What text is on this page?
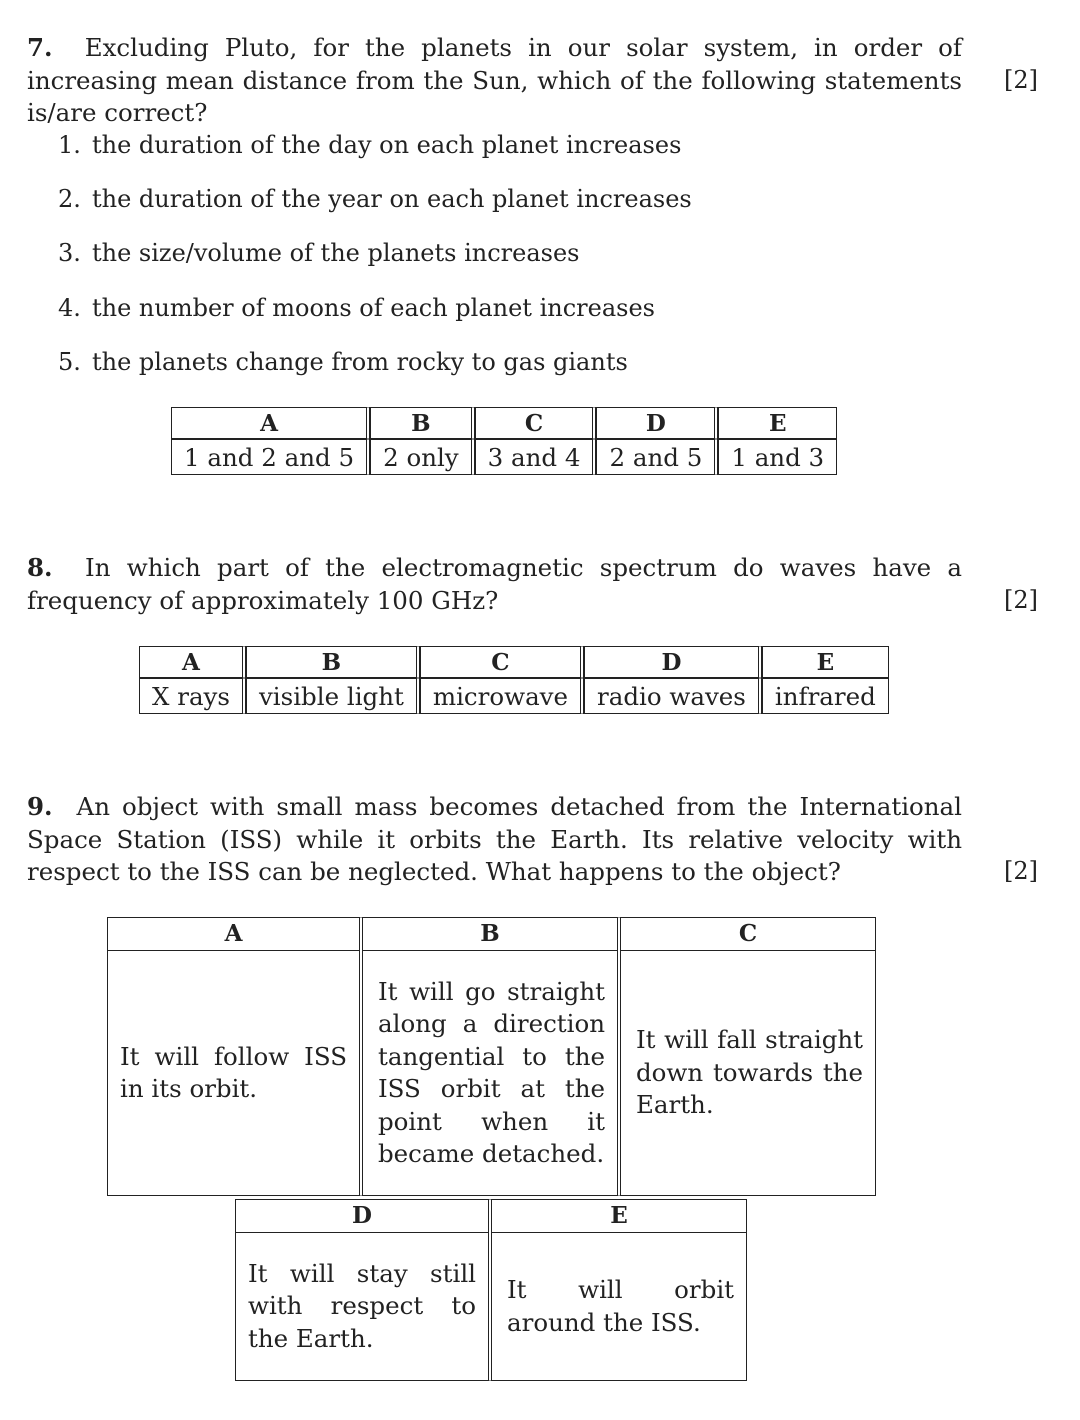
7. Excluding Pluto, for the planets in our solar system, in order of increasing mean distance from the Sun, which of the following statements is/are correct?
[2]
1. the duration of the day on each planet increases
2. the duration of the year on each planet increases
3. the size/volume of the planets increases
4. the number of moons of each planet increases
5. the planets change from rocky to gas giants
A	B	C	D	E
1 and 2 and 5	2 only	3 and 4	2 and 5	1 and 3
8. In which part of the electromagnetic spectrum do waves have a frequency of approximately 100 GHz?	[2]
A	B	C	D	E
X rays	visible light	microwave	radio waves	infrared
9. An object with small mass becomes detached from the International Space Station (ISS) while it orbits the Earth. Its relative velocity with respect to the ISS can be neglected. What happens to the object?	[2]
A
It will follow ISS in its orbit.
B
It will go straight along a direction tangential to the ISS orbit at the point when it became detached.
C
It will fall straight down towards the Earth.
D
It will stay still with respect to the Earth.
E
It will orbit around the ISS.
